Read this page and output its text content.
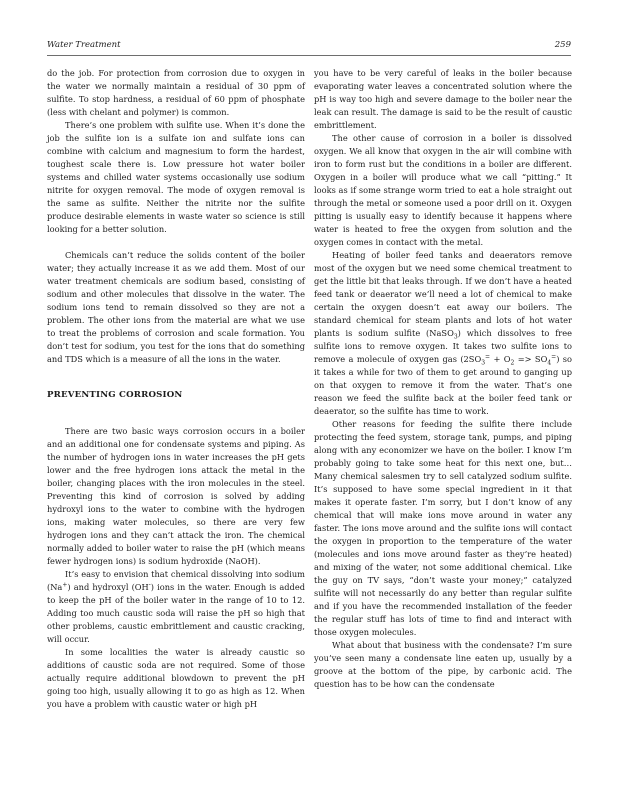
Water Treatment	259

do the job. For protection from corrosion due to oxygen in the water we normally maintain a residual of 30 ppm of sulfite. To stop hardness, a residual of 60 ppm of phosphate (less with chelant and polymer) is common.

There’s one problem with sulfite use. When it’s done the job the sulfite ion is a sulfate ion and sulfate ions can combine with calcium and magnesium to form the hardest, toughest scale there is. Low pressure hot water boiler systems and chilled water systems occasionally use sodium nitrite for oxygen removal. The mode of oxygen removal is the same as sulfite. Neither the nitrite nor the sulfite produce desirable elements in waste water so science is still looking for a better solution.

Chemicals can’t reduce the solids content of the boiler water; they actually increase it as we add them. Most of our water treatment chemicals are sodium based, consisting of sodium and other molecules that dissolve in the water. The sodium ions tend to remain dissolved so they are not a problem. The other ions from the material are what we use to treat the problems of corrosion and scale formation. You don’t test for sodium, you test for the ions that do something and TDS which is a measure of all the ions in the water.

PREVENTING CORROSION

There are two basic ways corrosion occurs in a boiler and an additional one for condensate systems and piping. As the number of hydrogen ions in water increases the pH gets lower and the free hydrogen ions attack the metal in the boiler, changing places with the iron molecules in the steel. Preventing this kind of corrosion is solved by adding hydroxyl ions to the water to combine with the hydrogen ions, making water molecules, so there are very few hydrogen ions and they can’t attack the iron. The chemical normally added to boiler water to raise the pH (which means fewer hydrogen ions) is sodium hydroxide (NaOH).

It’s easy to envision that chemical dissolving into sodium (Na+) and hydroxyl (OH-) ions in the water. Enough is added to keep the pH of the boiler water in the range of 10 to 12. Adding too much caustic soda will raise the pH so high that other problems, caustic embrittlement and caustic cracking, will occur.

In some localities the water is already caustic so additions of caustic soda are not required. Some of those actually require additional blowdown to prevent the pH going too high, usually allowing it to go as high as 12. When you have a problem with caustic water or high pH

you have to be very careful of leaks in the boiler because evaporating water leaves a concentrated solution where the pH is way too high and severe damage to the boiler near the leak can result. The damage is said to be the result of caustic embrittlement.

The other cause of corrosion in a boiler is dissolved oxygen. We all know that oxygen in the air will combine with iron to form rust but the conditions in a boiler are different. Oxygen in a boiler will produce what we call “pitting.” It looks as if some strange worm tried to eat a hole straight out through the metal or someone used a poor drill on it. Oxygen pitting is usually easy to identify because it happens where water is heated to free the oxygen from solution and the oxygen comes in contact with the metal.

Heating of boiler feed tanks and deaerators remove most of the oxygen but we need some chemical treatment to get the little bit that leaks through. If we don’t have a heated feed tank or deaerator we’ll need a lot of chemical to make certain the oxygen doesn’t eat away our boilers. The standard chemical for steam plants and lots of hot water plants is sodium sulfite (NaSO$_3$) which dissolves to free sulfite ions to remove oxygen. It takes two sulfite ions to remove a molecule of oxygen gas $(2SO_3^= + O_2 => SO_4^=)$ so it takes a while for two of them to get around to ganging up on that oxygen to remove it from the water. That’s one reason we feed the sulfite back at the boiler feed tank or deaerator, so the sulfite has time to work.

Other reasons for feeding the sulfite there include protecting the feed system, storage tank, pumps, and piping along with any economizer we have on the boiler. I know I’m probably going to take some heat for this next one, but… Many chemical salesmen try to sell catalyzed sodium sulfite. It’s supposed to have some special ingredient in it that makes it operate faster. I’m sorry, but I don’t know of any chemical that will make ions move around in water any faster. The ions move around and the sulfite ions will contact the oxygen in proportion to the temperature of the water (molecules and ions move around faster as they’re heated) and mixing of the water, not some additional chemical. Like the guy on TV says, “don’t waste your money;” catalyzed sulfite will not necessarily do any better than regular sulfite and if you have the recommended installation of the feeder the regular stuff has lots of time to find and interact with those oxygen molecules.

What about that business with the condensate? I’m sure you’ve seen many a condensate line eaten up, usually by a groove at the bottom of the pipe, by carbonic acid. The question has to be how can the condensate
